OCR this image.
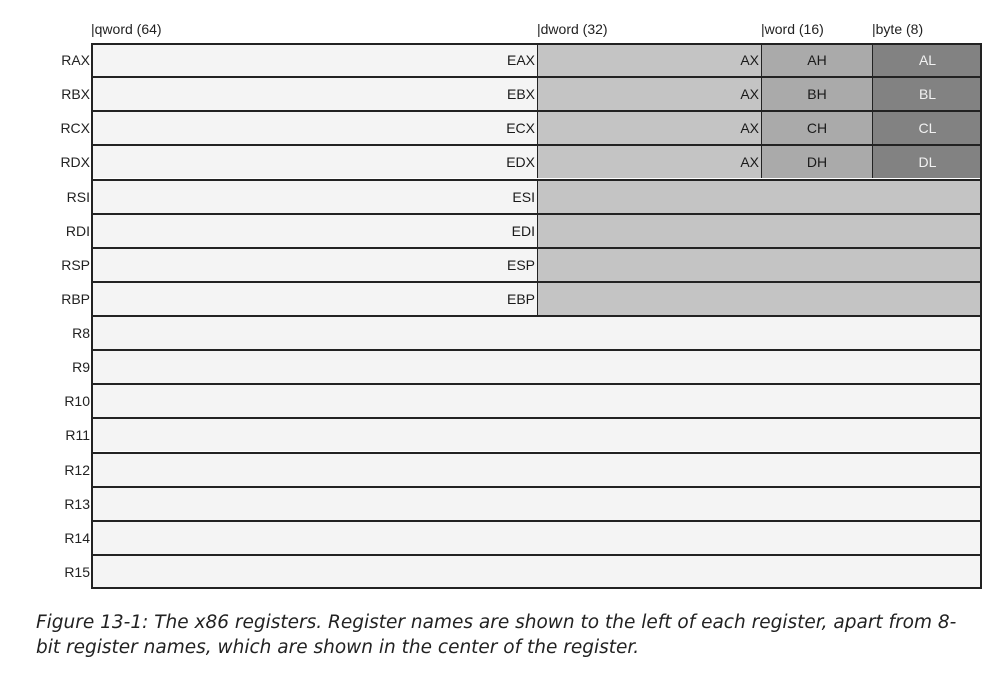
| qword (64)	| dword (32)	| word (16)	| byte (8)
RAX	EAX	AX	AH	AL
RBX	EBX	AX	BH	BL
RCX	ECX	AX	CH	CL
RDX	EDX	AX	DH	DL
RSI	ESI
RDI	EDI
RSP	ESP
RBP	EBP
R8
R9
R10
R11
R12
R13
R14
R15

Figure 13-1: The x86 registers. Register names are shown to the left of each register, apart from 8-bit register names, which are shown in the center of the register.
